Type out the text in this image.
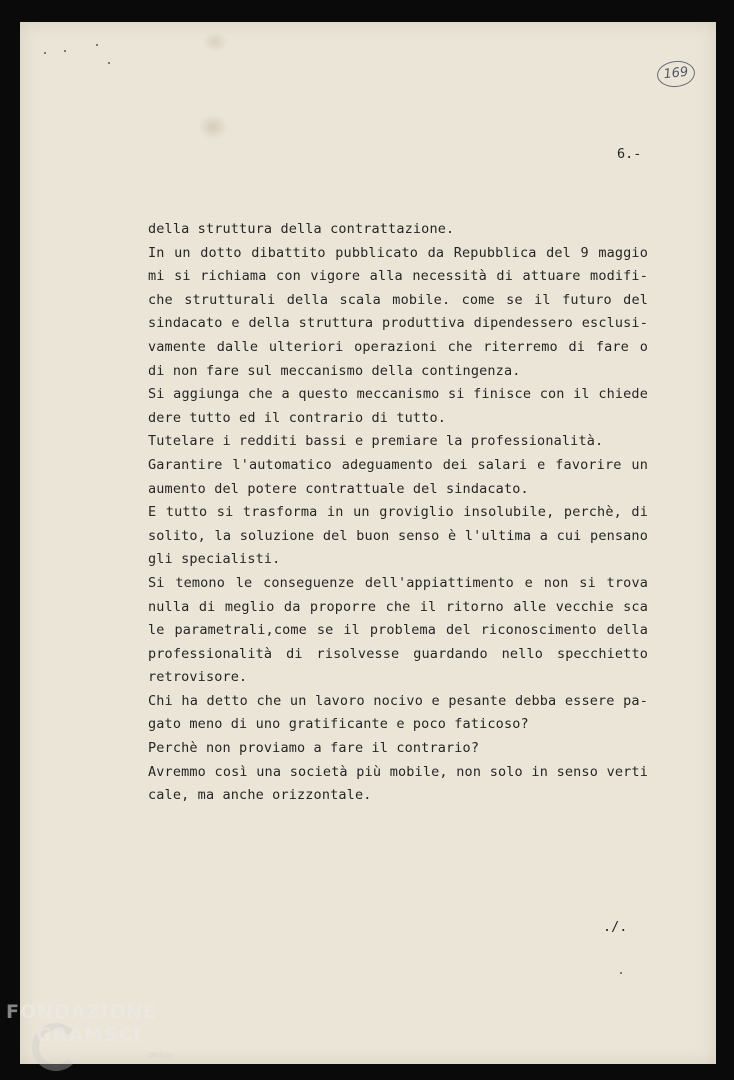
169
6.-
della struttura della contrattazione.
In un dotto dibattito pubblicato da Repubblica del 9 maggio
mi si richiama con vigore alla necessità di attuare modifi-
che strutturali della scala mobile. come se il futuro del
sindacato e della struttura produttiva dipendessero esclusi-
vamente dalle ulteriori operazioni che riterremo di fare o
di non fare sul meccanismo della contingenza.
Si aggiunga che a questo meccanismo si finisce con il chiede
dere tutto ed il contrario di tutto.
Tutelare i redditi bassi e premiare la professionalità.
Garantire l'automatico adeguamento dei salari e favorire un
aumento del potere contrattuale del sindacato.
E tutto si trasforma in un groviglio insolubile, perchè, di
solito, la soluzione del buon senso è l'ultima a cui pensano
gli specialisti.
Si temono le conseguenze dell'appiattimento e non si trova
nulla di meglio da proporre che il ritorno alle vecchie sca
le parametrali,come se il problema del riconoscimento della
professionalità di risolvesse guardando nello specchietto
retrovisore.
Chi ha detto che un lavoro nocivo e pesante debba essere pa-
gato meno di uno gratificante e poco faticoso?
Perchè non proviamo a fare il contrario?
Avremmo così una società più mobile, non solo in senso verti
cale, ma anche orizzontale.
./.
FONDAZIONE
GRAMSCI
onlus
